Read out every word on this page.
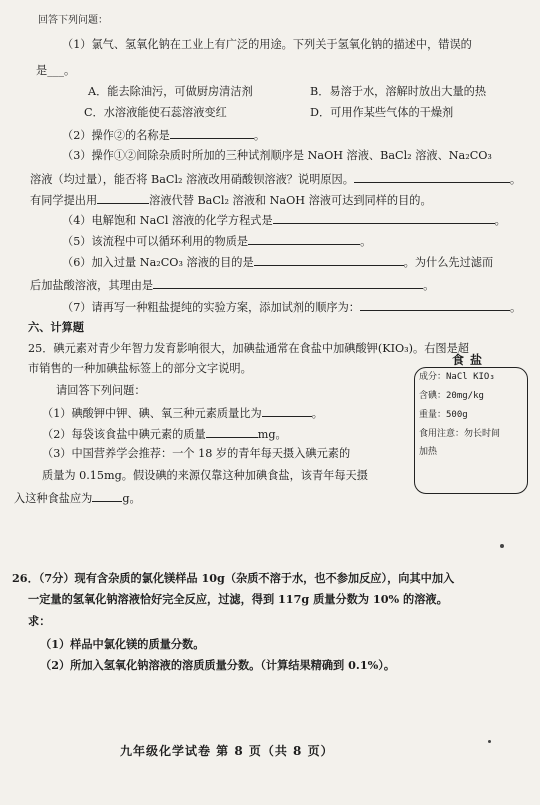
回答下列问题：
（1）氯气、氢氧化钠在工业上有广泛的用途。下列关于氢氧化钠的描述中，错误的
是___。
A．能去除油污，可做厨房清洁剂	B．易溶于水，溶解时放出大量的热
C．水溶液能使石蕊溶液变红	D．可用作某些气体的干燥剂
（2）操作②的名称是	。
（3）操作①②间除杂质时所加的三种试剂顺序是 NaOH 溶液、BaCl₂ 溶液、Na₂CO₃
溶液（均过量），能否将 BaCl₂ 溶液改用硝酸钡溶液？说明原因。	。
有同学提出用	溶液代替 BaCl₂ 溶液和 NaOH 溶液可达到同样的目的。
（4）电解饱和 NaCl 溶液的化学方程式是	。
（5）该流程中可以循环利用的物质是	。
（6）加入过量 Na₂CO₃ 溶液的目的是	。为什么先过滤而
后加盐酸溶液，其理由是	。
（7）请再写一种粗盐提纯的实验方案，添加试剂的顺序为：	。
六、计算题
25．碘元素对青少年智力发育影响很大，加碘盐通常在食盐中加碘酸钾(KIO₃)。右图是超
市销售的一种加碘盐标签上的部分文字说明。
请回答下列问题：
（1）碘酸钾中钾、碘、氧三种元素质量比为	。
（2）每袋该食盐中碘元素的质量	mg。
（3）中国营养学会推荐：一个 18 岁的青年每天摄入碘元素的
质量为 0.15mg。假设碘的来源仅靠这种加碘食盐，该青年每天摄
入这种食盐应为	g。
食盐
成分：NaCl KIO₃
含碘：20mg/kg
重量：500g
食用注意：勿长时间
加热
26．（7分）现有含杂质的氯化镁样品 10g（杂质不溶于水，也不参加反应），向其中加入
一定量的氢氧化钠溶液恰好完全反应，过滤，得到 117g 质量分数为 10% 的溶液。
求：
（1）样品中氯化镁的质量分数。
（2）所加入氢氧化钠溶液的溶质质量分数。（计算结果精确到 0.1%）。
九年级化学试卷 第 8 页（共 8 页）
